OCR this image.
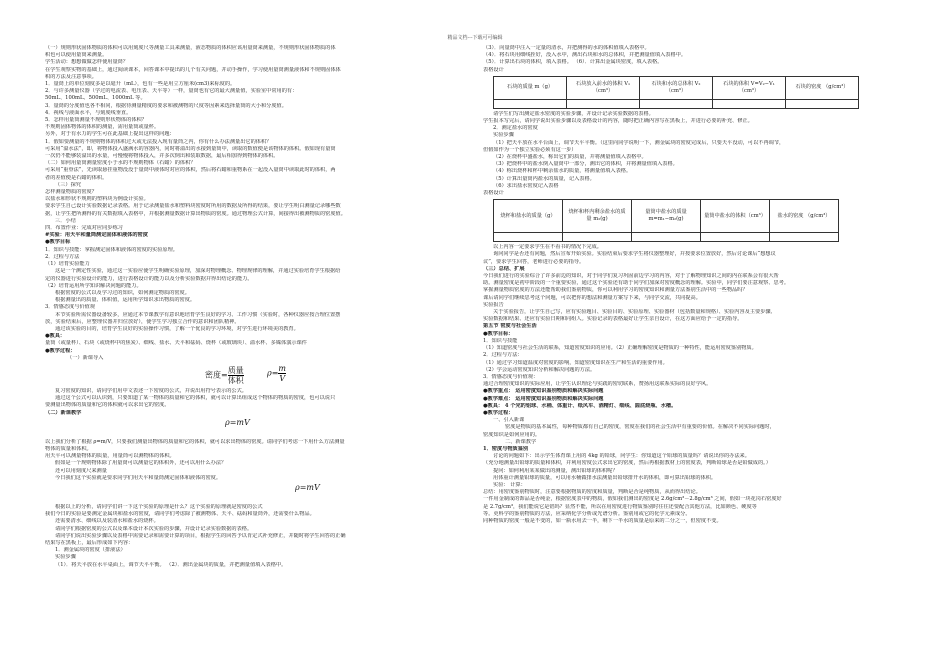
精品文档---下载可可编辑

（一）规则形状固体物质的体积可以用刻度尺等测量工具来测量，液态物质的体积应该用量筒来测量，不规则形状固体物质的体

积也可以使用量筒来测量。

学生活动：想想做做怎样使用量筒？

在学生观察实物的基础上，通过阅读课本，回答课本中提出的几个有关问题，并动手操作，学习使用量筒测量液体和不规则固体体

积的方法及注意事项。

1．量筒上的单位刻度多是以毫升（mL），也有一些是用立方厘米(cm3)来标度的。

2．与许多测量仪器（学过的电流表、电压表、天平等）一样，量筒也有它的最大测量值，实验室中常用的有：

50mL、100mL、500mL、1000mL 等。

3．量筒的分度值也各不相同，根据待测量精度的要求和被测物的尺度等因素来选择量筒的大小和分度值。

4．视线与液面水平，与刻度线垂直。

5．怎样用量筒测量不规则形状物体的体积？

不规则固体物体的体积的测量，需用量筒或量杯。

另外，对于有水力的学生可在此基础上提出这样的问题：

1．假如要测量的不规则物体的体积过大或无法投入现有量筒之内，你有什么办法测量出它的体积？

可采用“溢水法”，即，将物体投入盛满水的容器内，同时将溢出的水接到量筒中，读取的数值便是该物体的体积。假如现有量筒

一次仍不能够装溢出的水量，可慢慢将物体投入，并多次倒出和装取数据，最后相加得到物体的体积。

（二）如何用量筒测量密度小于水的不规则物体（石蜡）的体积？

可采用“重垂法”，先读取悬挂重物没没于量筒中液体时对应的体积，然后将石蜡和重物系在一起没入量筒中读取此时的体积，两

者的差值便是石蜡的体积。

（三）探究

怎样测量物质的密度？

以盐水和形状不规则的塑料块为例设计实验。

要求学生自己设计实验数据记录表格。用于记录测量盐水和塑料块密度时所用的数据及所得的结果，要让学生明白测量记录哪些数

据，让学生把所测得的有关数据填入表格中，并根据测量数据计算出物质的密度。通过物理公式计算，间接得出被测物质的密度值。

三．小结

四．布置作业：完成对应同步练习

#实验：用天平和量筒测定固体和液体的密度

●教学目标

1．知识与技能：掌握测定固体和液体的密度的实验原理。

2．过程与方法

（1）培育实验能力

这是一个测定性实验，通过这一实验应使学生明确实验原理，加深对物理概念、物理规律的理解，并通过实验培育学生根据给

定的仪器进行实验设计的能力，进行表格设计的能力以及分析实验数据并得出结论的能力。

（2）培育运用所学知识解决问题的能力。

根据密度的公式以及学习过的知识，如何测定物质的密度。

根据测量出的质量、体积值，运用所学知识求出物质的密度。

3．情感态度与价值观

本节实验所需仪器设备较多，应通过本节课教学有意识地培育学生良好的学习、工作习惯（实验时，各种仪器应按合理位置摆

放，实验结束后，应整理仪器并归位放好），使学生学习独立合作的意识和团队精神。

通过该实验的目的，培育学生良好的实验操作习惯，了解一个优良的学习环境，对学生进行环境美的教育。

●教具：

量筒（或量杯）、石块（或烧杯中的焦炭）、细线、盐水、天平和砝码、烧杯（或玻璃块）、溢水杯、多媒体演示课件

●教学过程：

（一）新课导入

密度= $\frac{\text{质量}}{\text{体积}}$	$\rho= \frac{m}{V}$

复习密度的知识，请同学们用中文表述一下密度的公式，并说出用符号表示的公式。

通过这个公式可以认识到，只要知道了某一物体的质量和它的体积，就可以计算出组成这个物体的物质的密度，也可以说只

要测量出物体的质量和它的体积就可以求出它的密度。

（二）新课教学

ρ=mV

以上我们分析了根据 ρ=m/V，只要我们测量出物体的质量和它的体积，就可以求出物体的密度。请同学们考虑一下用什么方法测量

物体的质量和体积。

用天平可以测量物体的质量，用量筒可以测物体的体积。

假如是一个规则物体除了用量筒可以测量它的体积外，还可以用什么办法？

还可以用刻度尺来测量

今日我们这个实验就是要求同学们用天平和量筒测定固体和液体的密度。

ρ=mV

根据以上的分析，请同学们讲一下这个实验的原理是什么？这个实验的原理就是密度的公式

我们今日的实验是要测定金属块和盐水的密度，请同学们考虑除了被测物体、天平、砝码和量筒外，还需要什么物品。

还需要清水、细线以及装清水和盐水的烧杯。

请同学们根据密度的公式以及课本设计本次实验的步骤，并设计记录实验数据的表格。

请同学们说出实验步骤以及表格中需要记录和需要计算的项目，根据学生的回答予以肯定式补充修正，并随时将学生回答的正确

结果写在黑板上，最后形成如下内容：

1．测金属块的密度（排液法）

实验步骤

（1）．将天平放在水平桌面上，调节天平平衡。 （2）．测出金属块的质量，并把测量值填入表格中。

（3）．向量筒中注入一定量的清水，并把测得的水的体积值填入表格中。

（4）．将石块用细线拴好，没入水中，测出石块和水的总体积，并把测量值填入表格中。

（5）．计算出石块的体积，填入表格。 （6）．计算出金属块密度，填入表格。

表格设计

石块的质量 m（g）	石块放入前水的体积 V₁（cm³）	石块和水的总体积 V₂（cm³）	石块的体积 V=V₂−V₁（cm³）	石块的密度 （g/cm³）

请学生们写出测定盐水密度的实验步骤，并设计记录实验数据的表格。

学生报本写完后，请同学说出实验步骤以及表格设计的内容，随时把正确内容写在黑板上，并进行必要的补充、修正。

2．测定盐水的密度

实验步骤

（1）把天平放在水平台面上，调节天平平衡。（这里向同学说明一下，测金属块的密度完成后，只要天平没动，可以不再调节，

但假如作为一个独立实验必须有这一步）

（2）在烧杯中盛盐水，称出它们的质量，并将测量值填入表格中。

（3）把烧杯中的盐水倒入量筒中一部分，测出它的体积，并将测量值填入表格。

（4）称出烧杯和杯中剩余盐水的质量，将测量值填入表格。

（5）计算出量筒内盐水的质量，记入表格。

（6）求出盐水密度记入表格

表格设计

烧杯和盐水的质量（g）	烧杯和杯内剩余盐水的质量 m₂(g)	量筒中盐水的质量 m=m₁−m₂(g)	量筒中盐水的体积（cm³）	盐水的密度 （g/cm³）

以上内容一定要求学生在不看书的情况下完成。

询问同学是否还有问题，然后宣布开始实验。实验结束后要求学生将仪器整理好，并按要求位置放好，然后讨论课后“想想议

议”，要求学生回答，老师进行必要的指导。

（三）总结、扩展

今日我们进行的实验综合了许多前边的知识，对于同学们复习巩固前边学习的内容，对于了解物理知识之间的内在联系会有很大帮

助。测量密度是初中阶段的一个重要实验，通过这个实验还有助于同学们加深对密度概念的理解。实验中，同学们要注意观察、思考。

掌握测量物质密度的方法还能帮助我们鉴别物质，你可以利用学习的密度知识和测量方法鉴别生活中的一些物品吗？

课后请同学们继续思考这个问题，可以把你的想法和测量方案写下来，与同学交流，共同提高。

实验报告

关于实验报告，让学生自己写，应有实验题目、实验目的、实验原理、实验器材（包括数量和规格）、实验内容及主要步骤、

实验数据和结果、还应有实验日期和同组人。实验记录的表格最好让学生亲自设计，在这方面应给予一定的指导。

第五节 密度与社会生活

●教学目标：

1．知识与技能

（1）知道密度与社会生活的联系，知道密度知识的应用。（2）正确理解密度是物质的一种特性，能运用密度鉴别物质。

2．过程与方法：

（1）通过学习知道温度对密度的影响，知道密度知识在生产和生活的重要作用。

（2）学会运动密度知识分析和解决问题的方法。

3．情感态度与价值观：

通过合理密度知识的实际应用，让学生认识理论与实践的密切联系，赞扬用这联系实际的良好学风。

●教学重点： 运用密度知识鉴别物质和解决实际问题

●教学难点： 运用密度知识鉴别物质和解决实际问题

●教具： 4 个完的铝球、水桶、体重计、纸风车、酒精灯、细线、圆底烧瓶、水槽。

●教学过程：

一、引入新课

密度是物质的基本属性，每种物质都有自己的密度，密度在我们的社会生活中有重要的价值。在解决不同实际问题时，

密度知识是如何应用的。

二、新课教学

1．密度与物质鉴别

讨论的问题如下：出示学生体育课上用的 4kg 的铅球，问学生：你知道这个铅球的质量吗？请说出你的办法来。

（充分地测量出铅球的质量和体积，并利用密度公式求出它的密度，然后再根据教材上的密度表，判断铅球是否是铅做成的。）

提问：如何利用某某做出的测量，测出铅球的体积呢？

用体重计测量铅球的质量，可以用水桶做排水法测量出铅球排开水的体积，即可算出铅球的体积。

实验： 计算：

总结：用密度鉴别物质时，注意要根据物质的密度和质量，判断是否是纯物质，从而得出结论。

一件用金制成的饰品是否纯金，根据密度表中的物质，假如我们测出的密度是 2.6g/cm³－2.8g/cm³ 之间，假如一块花岗石密度好

是 2.7g/cm³，我们能说它是铝吗？显然不能，所以在用密度进行物质鉴别时往往还要配合其他方法，比如颜色、硬度等

等。更科学的鉴别物质的方法，应采纳化学分析或光谱分析。鉴别用或它的化学元素成分。

同种物质的密度一般是不变的，如一瓶水用去一半，剩下一半水的质量是原来的二分之一，但密度不变。
